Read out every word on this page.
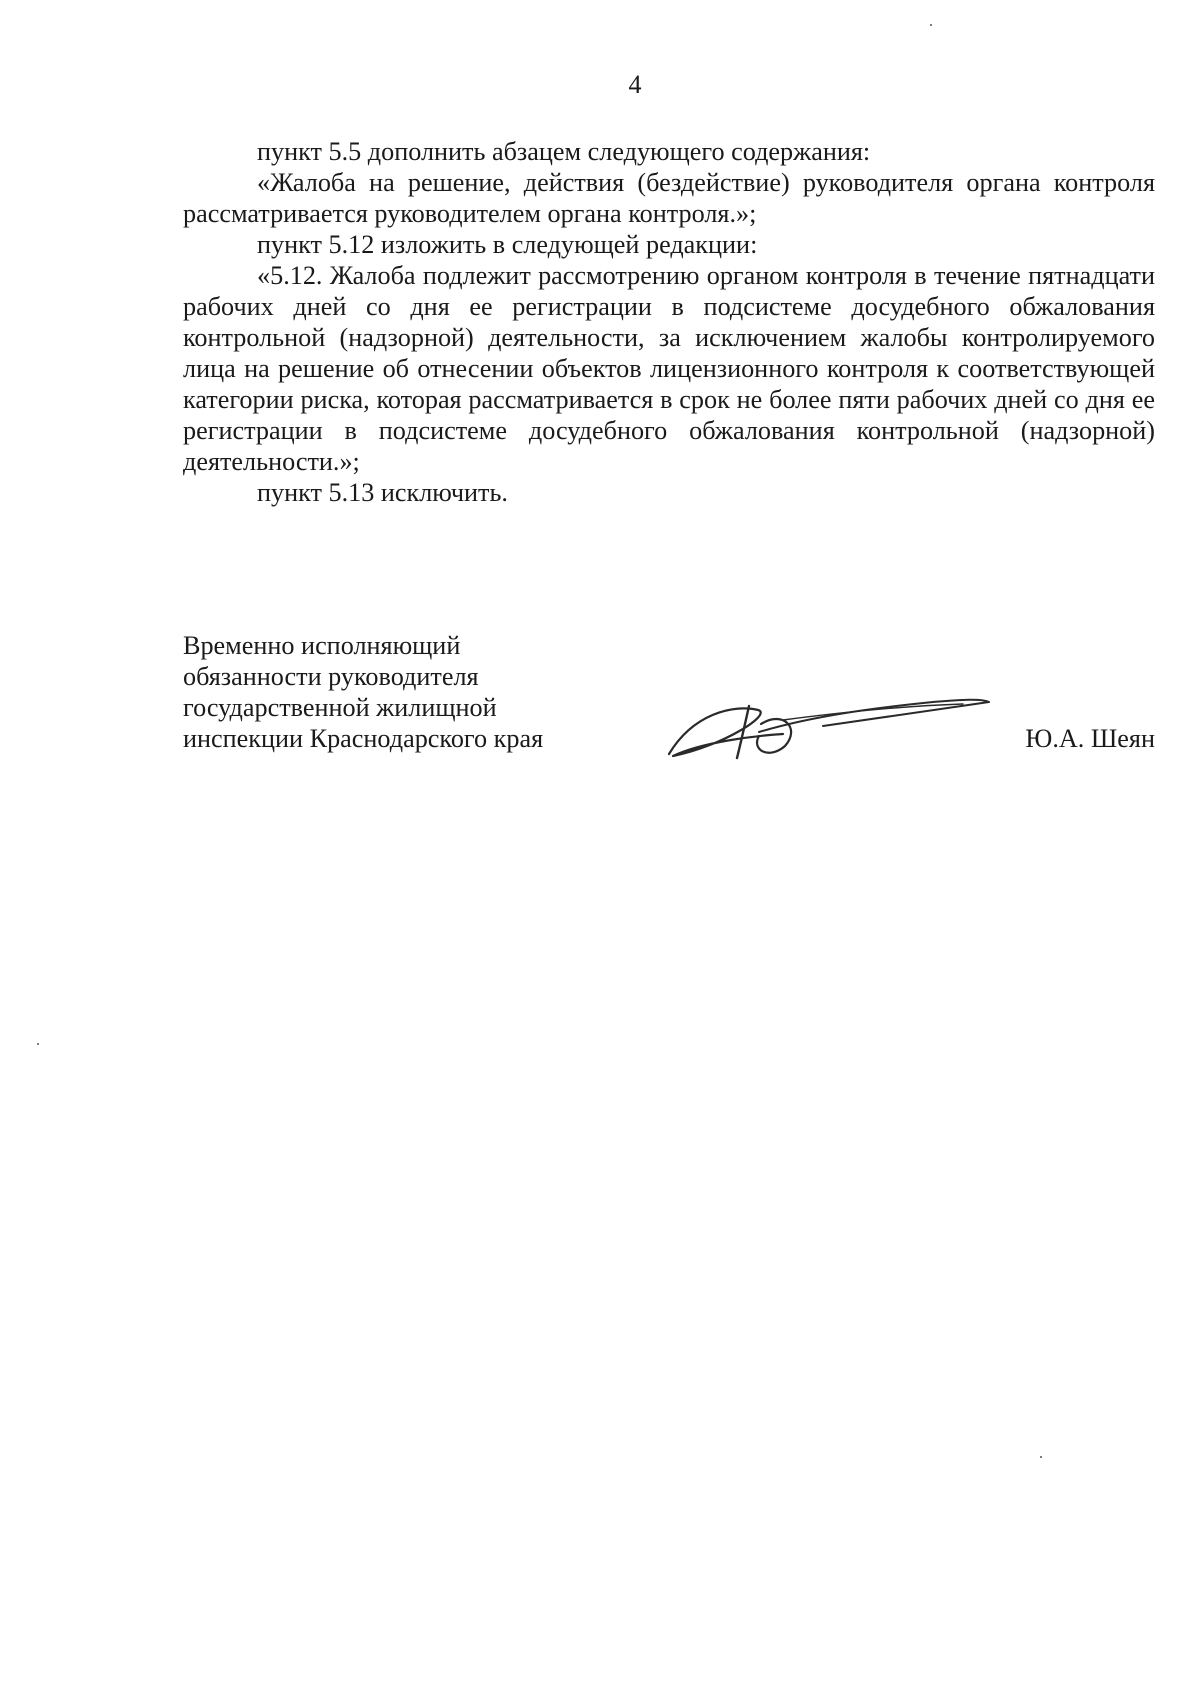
4

пункт 5.5 дополнить абзацем следующего содержания:

«Жалоба на решение, действия (бездействие) руководителя органа контроля рассматривается руководителем органа контроля.»;

пункт 5.12 изложить в следующей редакции:

«5.12. Жалоба подлежит рассмотрению органом контроля в течение пятнадцати рабочих дней со дня ее регистрации в подсистеме досудебного обжалования контрольной (надзорной) деятельности, за исключением жалобы контролируемого лица на решение об отнесении объектов лицензионного контроля к соответствующей категории риска, которая рассматривается в срок не более пяти рабочих дней со дня ее регистрации в подсистеме досудебного обжалования контрольной (надзорной) деятельности.»;

пункт 5.13 исключить.

Временно исполняющий
обязанности руководителя
государственной жилищной
инспекции Краснодарского края	Ю.А. Шеян
